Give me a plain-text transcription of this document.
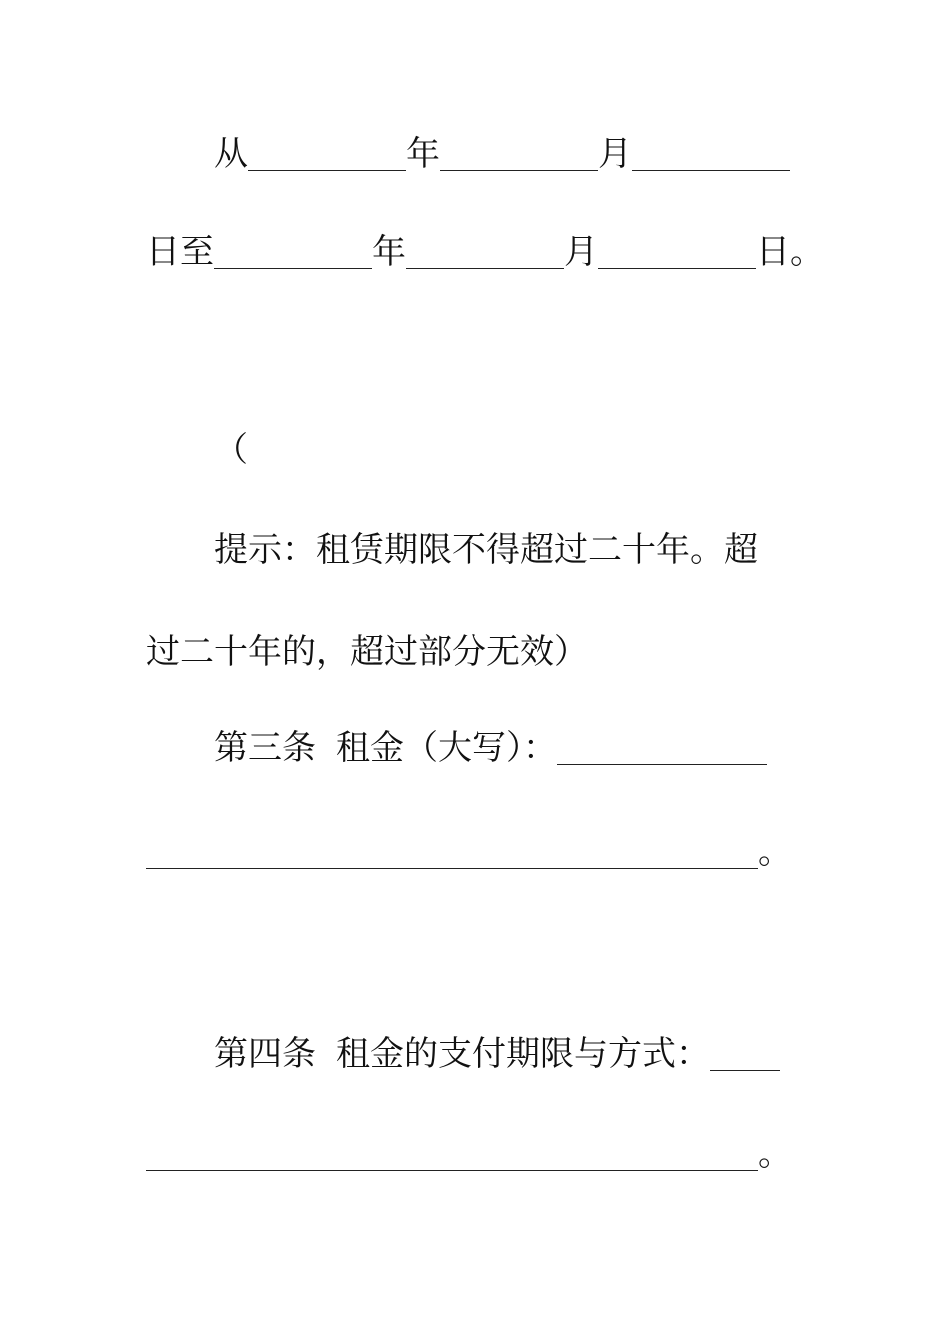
从	年	月
日至	年	月	日。
（
提示：租赁期限不得超过二十年。超
过二十年的，超过部分无效）
第三条 租金（大写）：
。
第四条 租金的支付期限与方式：
。
